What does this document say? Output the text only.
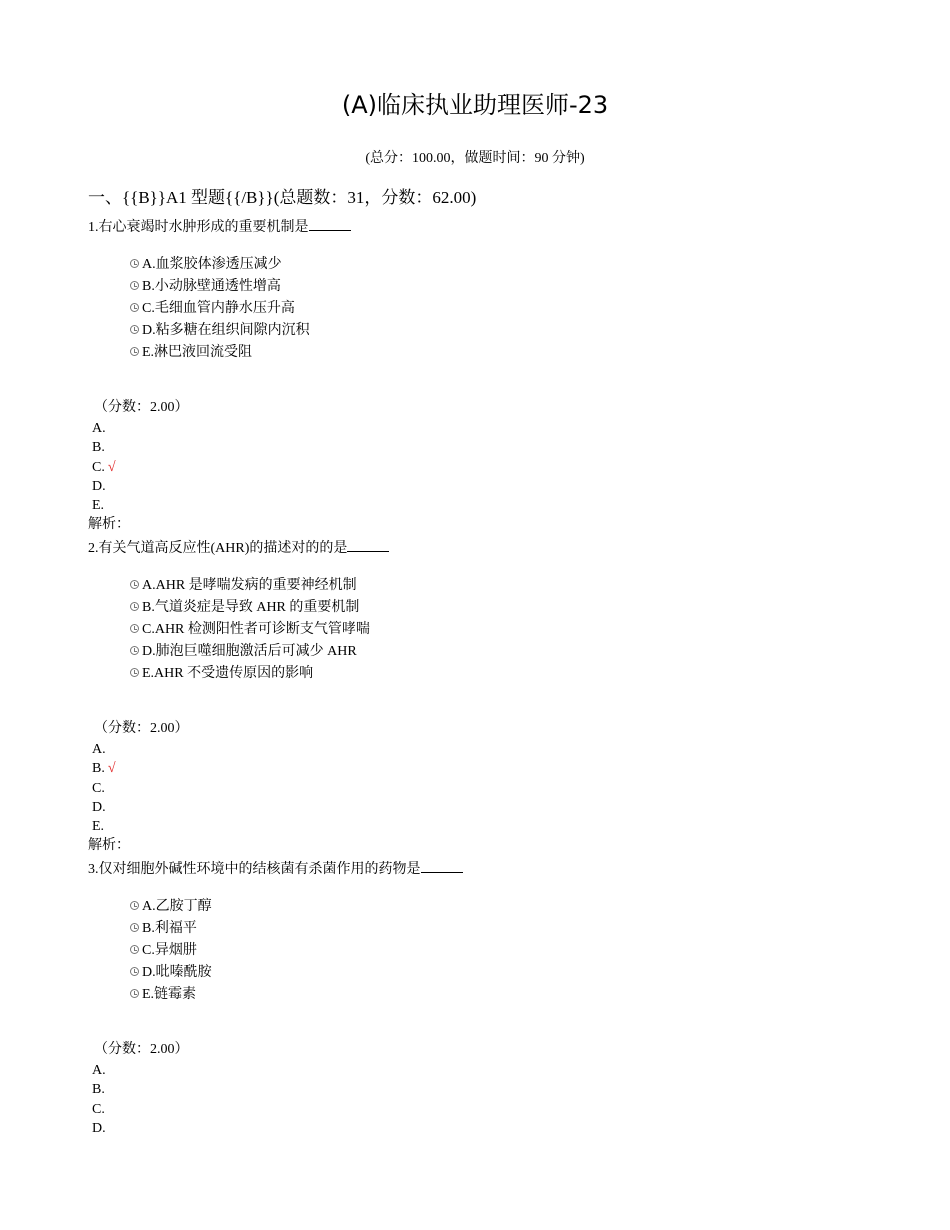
(A)临床执业助理医师-23
(总分：100.00，做题时间：90 分钟)
一、{{B}}A1 型题{{/B}}(总题数：31，分数：62.00)
1.右心衰竭时水肿形成的重要机制是
A.血浆胶体渗透压减少
B.小动脉壁通透性增高
C.毛细血管内静水压升高
D.粘多糖在组织间隙内沉积
E.淋巴液回流受阻
（分数：2.00）
A.
B.
C. √
D.
E.
解析：
2.有关气道高反应性(AHR)的描述对的的是
A.AHR 是哮喘发病的重要神经机制
B.气道炎症是导致 AHR 的重要机制
C.AHR 检测阳性者可诊断支气管哮喘
D.肺泡巨噬细胞激活后可减少 AHR
E.AHR 不受遗传原因的影响
（分数：2.00）
A.
B. √
C.
D.
E.
解析：
3.仅对细胞外碱性环境中的结核菌有杀菌作用的药物是
A.乙胺丁醇
B.利福平
C.异烟肼
D.吡嗪酰胺
E.链霉素
（分数：2.00）
A.
B.
C.
D.
